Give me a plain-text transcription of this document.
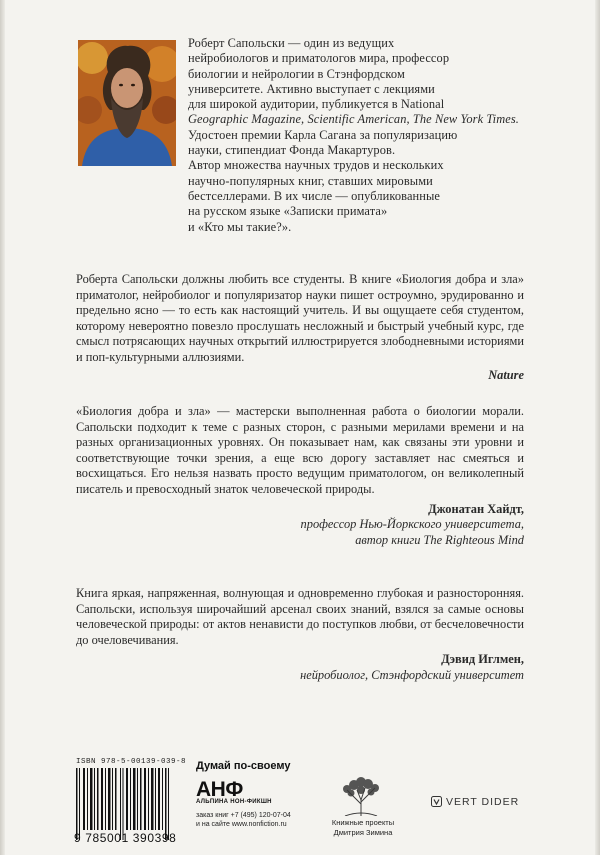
Роберт Сапольски — один из ведущих

нейробиологов и приматологов мира, профессор

биологии и нейрологии в Стэнфордском

университете. Активно выступает с лекциями

для широкой аудитории, публикуется в National

Geographic Magazine, Scientific American, The New York Times.

Удостоен премии Карла Сагана за популяризацию

науки, стипендиат Фонда Макартуров.

Автор множества научных трудов и нескольких

научно-популярных книг, ставших мировыми

бестселлерами. В их числе — опубликованные

на русском языке «Записки примата»

и «Кто мы такие?».

Роберта Сапольски должны любить все студенты. В книге «Биология добра и зла» приматолог, нейробиолог и популяризатор науки пишет остроумно, эрудированно и предельно ясно — то есть как настоящий учитель. И вы ощущаете себя студентом, которому невероятно повезло прослушать несложный и быстрый учебный курс, где смысл потрясающих научных открытий иллюстрируется злободневными историями и поп-культурными аллюзиями.

Nature

«Биология добра и зла» — мастерски выполненная работа о биологии морали. Сапольски подходит к теме с разных сторон, с разными мерилами времени и на разных организационных уровнях. Он показывает нам, как связаны эти уровни и соответствующие точки зрения, а еще всю дорогу заставляет нас смеяться и восхищаться. Его нельзя назвать просто ведущим приматологом, он великолепный писатель и превосходный знаток человеческой природы.

Джонатан Хайдт,
профессор Нью-Йоркского университета,
автор книги The Righteous Mind

Книга яркая, напряженная, волнующая и одновременно глубокая и разносторонняя. Сапольски, используя широчайший арсенал своих знаний, взялся за самые основы человеческой природы: от актов ненависти до поступков любви, от бесчеловечности до очеловечивания.

Дэвид Иглмен,
нейробиолог, Стэнфордский университет
ISBN 978-5-00139-039-8
9 785001 390398
Думай по-своему
АНФ
АЛЬПИНА НОН-ФИКШН
заказ книг +7 (495) 120-07-04
и на сайте www.nonfiction.ru	Книжные проекты
Дмитрия Зимина
VERT DIDER
